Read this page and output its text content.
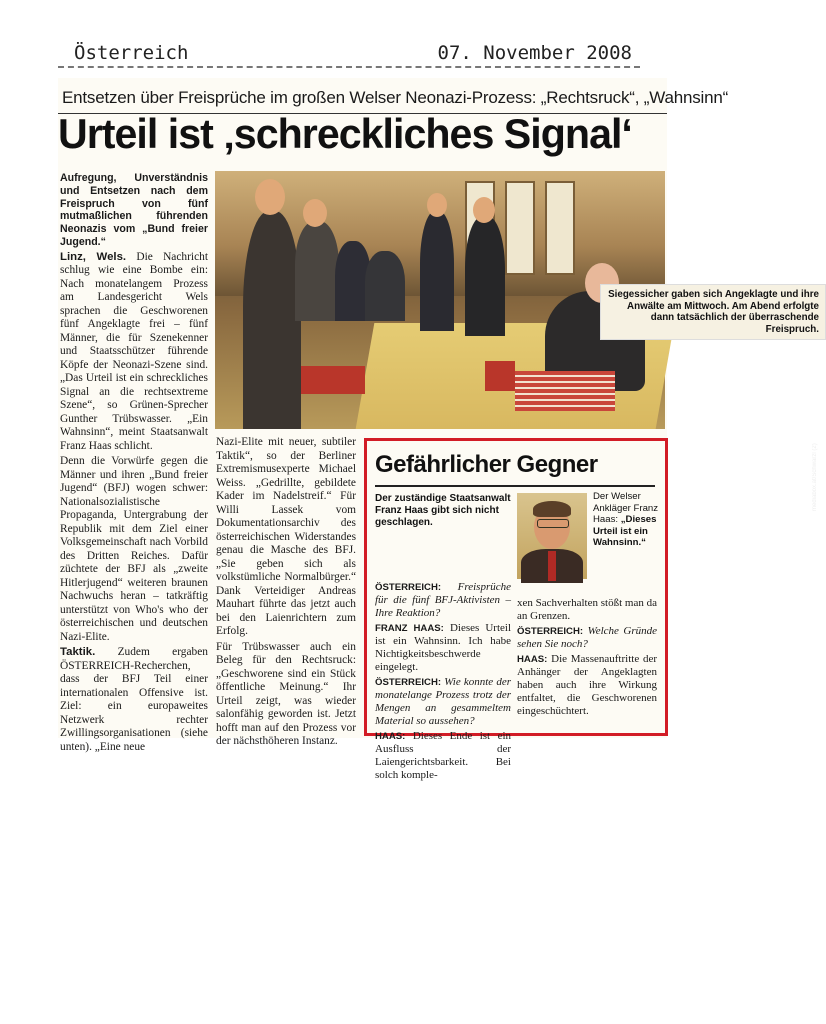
Österreich	07. November 2008
Entsetzen über Freisprüche im großen Welser Neonazi-Prozess: „Rechtsruck“, „Wahnsinn“
Urteil ist ‚schreckliches Signal‘

Aufregung, Unverständnis und Entsetzen nach dem Freispruch von fünf mutmaßlichen führenden Neonazis vom „Bund freier Jugend.“

Linz, Wels. Die Nachricht schlug wie eine Bombe ein: Nach monatelangem Prozess am Landesgericht Wels sprachen die Geschworenen fünf Angeklagte frei – fünf Männer, die für Szenekenner und Staatsschützer führende Köpfe der Neonazi-Szene sind. „Das Urteil ist ein schreckliches Signal an die rechtsextreme Szene“, so Grünen-Sprecher Gunther Trübswasser. „Ein Wahnsinn“, meint Staatsanwalt Franz Haas schlicht.

Denn die Vorwürfe gegen die Männer und ihren „Bund freier Jugend“ (BFJ) wogen schwer: Nationalsozialistische Propaganda, Untergrabung der Republik mit dem Ziel einer Volksgemeinschaft nach Vorbild des Dritten Reiches. Dafür züchtete der BFJ als „zweite Hitlerjugend“ weiteren braunen Nachwuchs heran – tatkräftig unterstützt von Who's who der österreichischen und deutschen Nazi-Elite.

Taktik. Zudem ergaben ÖSTERREICH-Recherchen, dass der BFJ Teil einer internationalen Offensive ist. Ziel: ein europaweites Netzwerk rechter Zwillingsorganisationen (siehe unten). „Eine neue

Siegessicher gaben sich Angeklagte und ihre Anwälte am Mittwoch. Am Abend erfolgte dann tatsächlich der überraschende Freispruch.
mediabox.at/Schwarzl (2)

Nazi-Elite mit neuer, subtiler Taktik“, so der Berliner Extremismusexperte Michael Weiss. „Gedrillte, gebildete Kader im Nadelstreif.“ Für Willi Lassek vom Dokumentationsarchiv des österreichischen Widerstandes genau die Masche des BFJ. „Sie geben sich als volkstümliche Normalbürger.“ Dank Verteidiger Andreas Mauhart führte das jetzt auch bei den Laienrichtern zum Erfolg.

Für Trübswasser auch ein Beleg für den Rechtsruck: „Geschworene sind ein Stück öffentliche Meinung.“ Ihr Urteil zeigt, was wieder salonfähig geworden ist. Jetzt hofft man auf den Prozess vor der nächsthöheren Instanz.

Gefährlicher Gegner
Der zuständige Staatsanwalt Franz Haas gibt sich nicht geschlagen.
Der Welser Ankläger Franz Haas: „Dieses Urteil ist ein Wahnsinn.“

ÖSTERREICH: Freisprüche für die fünf BFJ-Aktivisten – Ihre Reaktion?

FRANZ HAAS: Dieses Urteil ist ein Wahnsinn. Ich habe Nichtigkeitsbeschwerde eingelegt.

ÖSTERREICH: Wie konnte der monatelange Prozess trotz der Mengen an gesammeltem Material so aussehen?

HAAS: Dieses Ende ist ein Ausfluss der Laiengerichtsbarkeit. Bei solch komple-

xen Sachverhalten stößt man da an Grenzen.

ÖSTERREICH: Welche Gründe sehen Sie noch?

HAAS: Die Massenauftritte der Anhänger der Angeklagten haben auch ihre Wirkung entfaltet, die Geschworenen eingeschüchtert.
